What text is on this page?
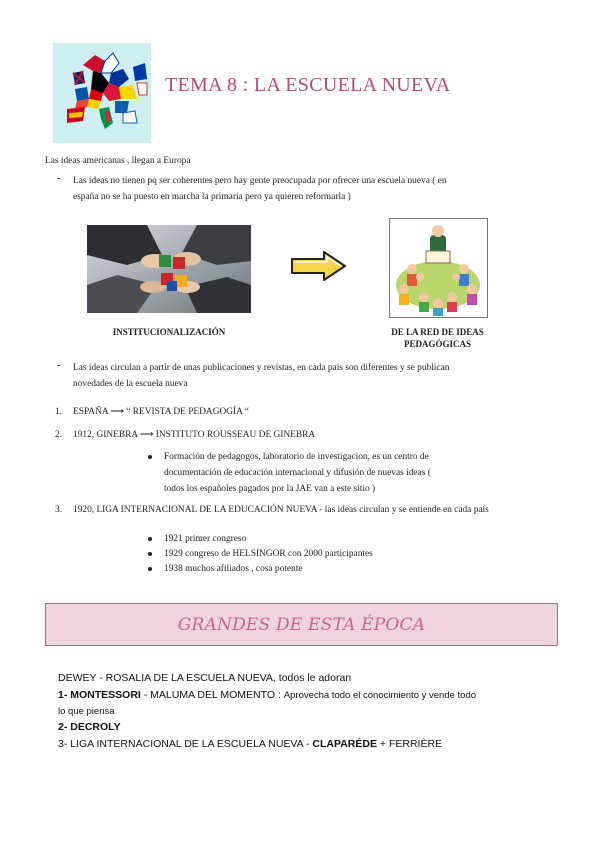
TEMA 8 : LA ESCUELA NUEVA
Las ideas americanas , llegan a Europa
- Las ideas no tienen pq ser coherentes pero hay gente preocupada por ofrecer una escuela nueva ( en
españa no se ha puesto en marcha la primaria pero ya quieren reformarla )
INSTITUCIONALIZACIÓN	DE LA RED DE IDEAS
PEDAGÓGICAS
- Las ideas circulan a partir de unas publicaciones y revistas, en cada país son diferentes y se publican
novedades de la escuela nueva
1. ESPAÑA ⟶ “ REVISTA DE PEDAGOGÍA “
2. 1912, GINEBRA ⟶ INSTITUTO ROUSSEAU DE GINEBRA
Formación de pedagogos, laboratorio de investigacion, es un centro de
documentación de educación internacional y difusión de nuevas ideas (
todos los españoles pagados por la JAE van a este sitio )
3. 1920, LIGA INTERNACIONAL DE LA EDUCACIÓN NUEVA - las ideas circulan y se entiende en cada país
1921 primer congreso
1929 congreso de HELSINGOR con 2000 participantes
1938 muchos afiliados , cosa potente
GRANDES DE ESTA ÉPOCA
DEWEY - ROSALIA DE LA ESCUELA NUEVA, todos le adoran
1- MONTESSORI - MALUMA DEL MOMENTO : Aprovecha todo el conocimiento y vende todo
lo que piensa
2- DECROLY
3- LIGA INTERNACIONAL DE LA ESCUELA NUEVA - CLAPARÉDE + FERRIÈRE
